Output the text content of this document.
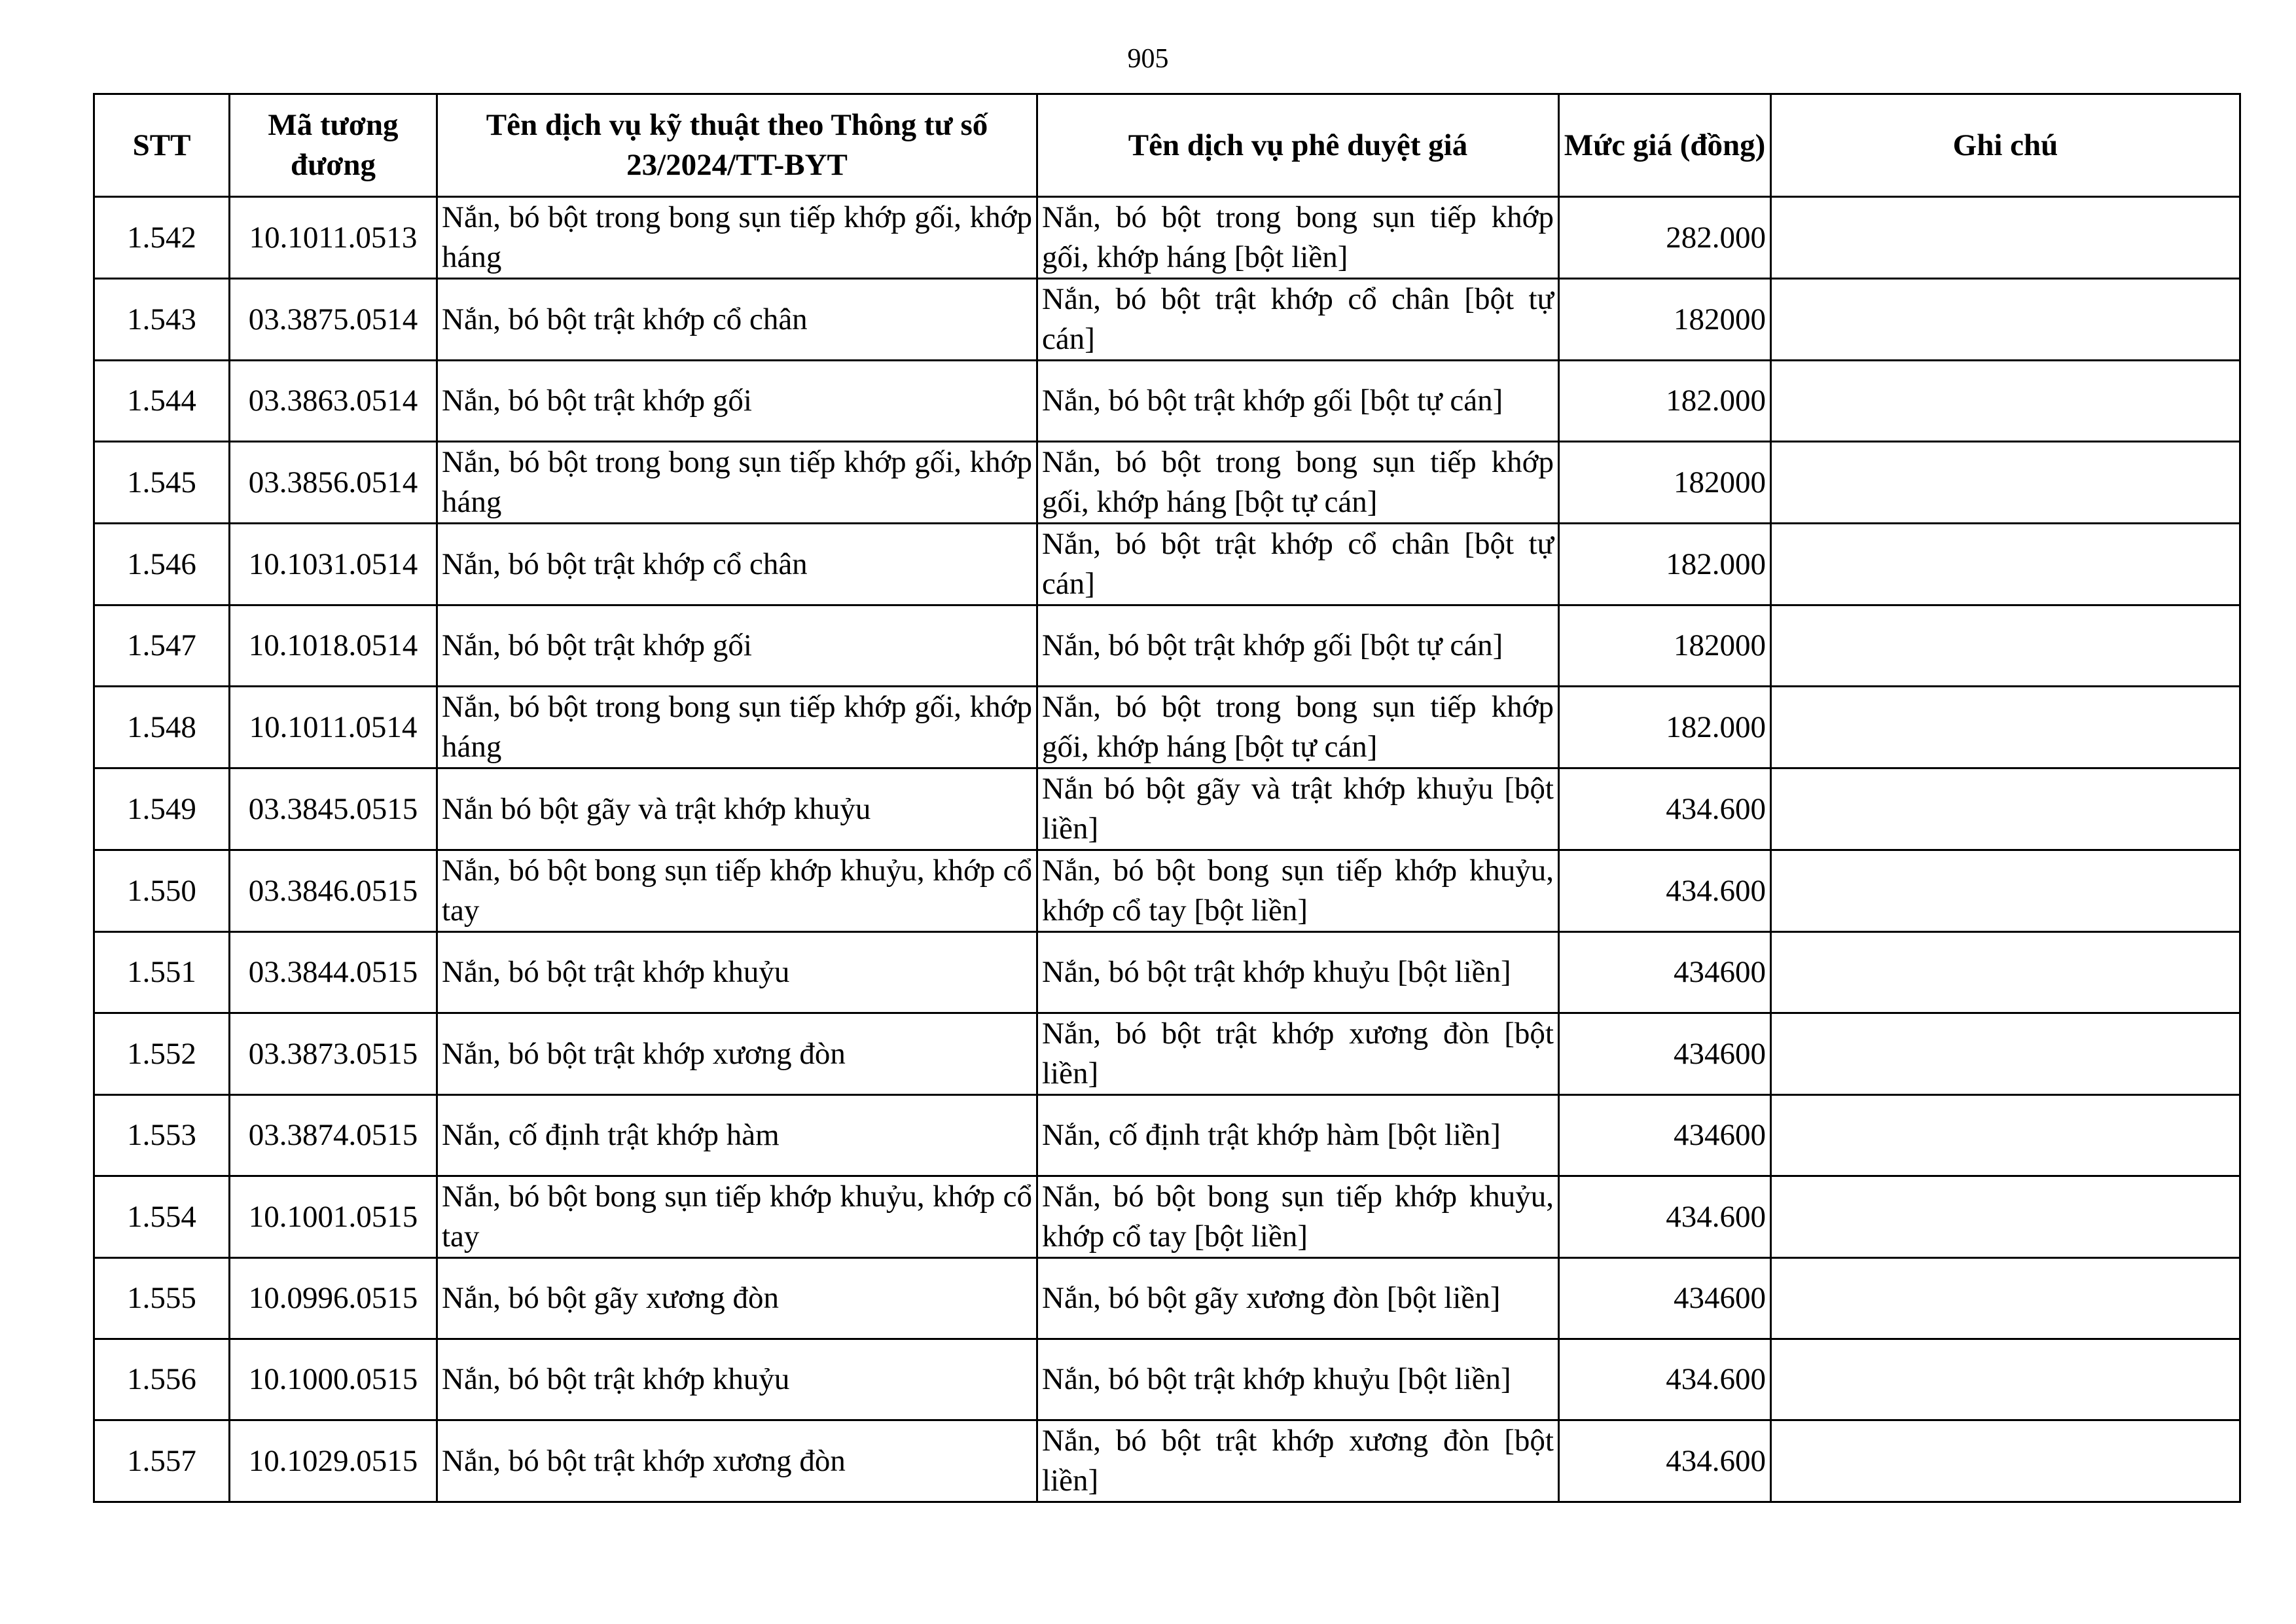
905
STT	Mã tương đương	Tên dịch vụ kỹ thuật theo Thông tư số 23/2024/TT-BYT	Tên dịch vụ phê duyệt giá	Mức giá (đồng)	Ghi chú
1.542	10.1011.0513	Nắn, bó bột trong bong sụn tiếp khớp gối, khớp háng	Nắn, bó bột trong bong sụn tiếp khớp gối, khớp háng [bột liền]	282.000	
1.543	03.3875.0514	Nắn, bó bột trật khớp cổ chân	Nắn, bó bột trật khớp cổ chân [bột tự cán]	182000	
1.544	03.3863.0514	Nắn, bó bột trật khớp gối	Nắn, bó bột trật khớp gối [bột tự cán]	182.000	
1.545	03.3856.0514	Nắn, bó bột trong bong sụn tiếp khớp gối, khớp háng	Nắn, bó bột trong bong sụn tiếp khớp gối, khớp háng [bột tự cán]	182000	
1.546	10.1031.0514	Nắn, bó bột trật khớp cổ chân	Nắn, bó bột trật khớp cổ chân [bột tự cán]	182.000	
1.547	10.1018.0514	Nắn, bó bột trật khớp gối	Nắn, bó bột trật khớp gối [bột tự cán]	182000	
1.548	10.1011.0514	Nắn, bó bột trong bong sụn tiếp khớp gối, khớp háng	Nắn, bó bột trong bong sụn tiếp khớp gối, khớp háng [bột tự cán]	182.000	
1.549	03.3845.0515	Nắn bó bột gãy và trật khớp khuỷu	Nắn bó bột gãy và trật khớp khuỷu [bột liền]	434.600	
1.550	03.3846.0515	Nắn, bó bột bong sụn tiếp khớp khuỷu, khớp cổ tay	Nắn, bó bột bong sụn tiếp khớp khuỷu, khớp cổ tay [bột liền]	434.600	
1.551	03.3844.0515	Nắn, bó bột trật khớp khuỷu	Nắn, bó bột trật khớp khuỷu [bột liền]	434600	
1.552	03.3873.0515	Nắn, bó bột trật khớp xương đòn	Nắn, bó bột trật khớp xương đòn [bột liền]	434600	
1.553	03.3874.0515	Nắn, cố định trật khớp hàm	Nắn, cố định trật khớp hàm [bột liền]	434600	
1.554	10.1001.0515	Nắn, bó bột bong sụn tiếp khớp khuỷu, khớp cổ tay	Nắn, bó bột bong sụn tiếp khớp khuỷu, khớp cổ tay [bột liền]	434.600	
1.555	10.0996.0515	Nắn, bó bột gãy xương đòn	Nắn, bó bột gãy xương đòn [bột liền]	434600	
1.556	10.1000.0515	Nắn, bó bột trật khớp khuỷu	Nắn, bó bột trật khớp khuỷu [bột liền]	434.600	
1.557	10.1029.0515	Nắn, bó bột trật khớp xương đòn	Nắn, bó bột trật khớp xương đòn [bột liền]	434.600	
